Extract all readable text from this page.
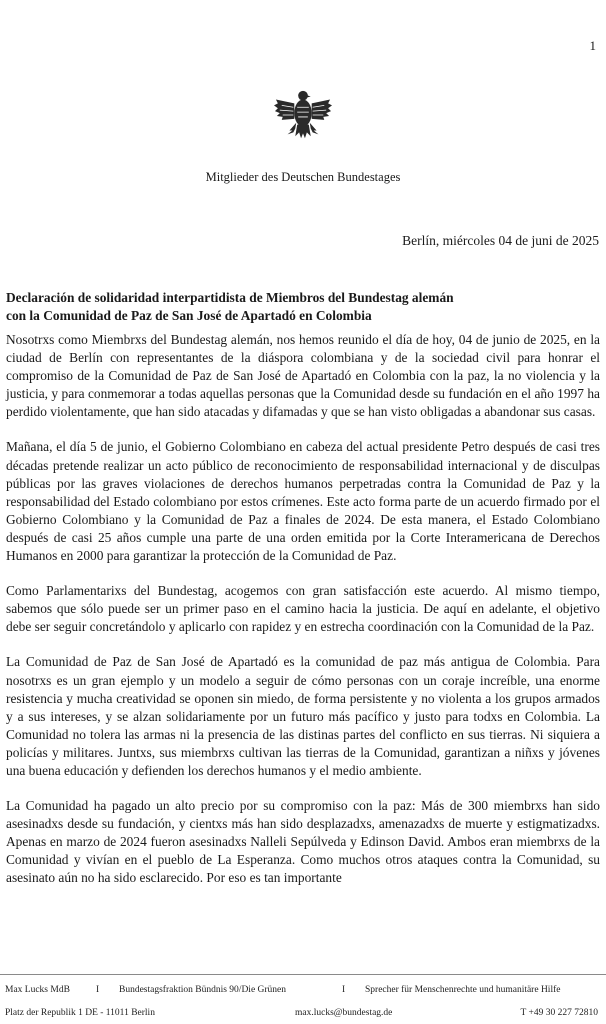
1
Mitglieder des Deutschen Bundestages
Berlín, miércoles 04 de juni de 2025
Declaración de solidaridad interpartidista de Miembros del Bundestag alemán
con la Comunidad de Paz de San José de Apartadó en Colombia

Nosotrxs como Miembrxs del Bundestag alemán, nos hemos reunido el día de hoy, 04 de junio de 2025, en la ciudad de Berlín con representantes de la diáspora colombiana y de la sociedad civil para honrar el compromiso de la Comunidad de Paz de San José de Apartadó en Colombia con la paz, la no violencia y la justicia, y para conmemorar a todas aquellas personas que la Comunidad desde su fundación en el año 1997 ha perdido violentamente, que han sido atacadas y difamadas y que se han visto obligadas a abandonar sus casas.

Mañana, el día 5 de junio, el Gobierno Colombiano en cabeza del actual presidente Petro después de casi tres décadas pretende realizar un acto público de reconocimiento de responsabilidad internacional y de disculpas públicas por las graves violaciones de derechos humanos perpetradas contra la Comunidad de Paz y la responsabilidad del Estado colombiano por estos crímenes. Este acto forma parte de un acuerdo firmado por el Gobierno Colombiano y la Comunidad de Paz a finales de 2024. De esta manera, el Estado Colombiano después de casi 25 años cumple una parte de una orden emitida por la Corte Interamericana de Derechos Humanos en 2000 para garantizar la protección de la Comunidad de Paz.

Como Parlamentarixs del Bundestag, acogemos con gran satisfacción este acuerdo. Al mismo tiempo, sabemos que sólo puede ser un primer paso en el camino hacia la justicia. De aquí en adelante, el objetivo debe ser seguir concretándolo y aplicarlo con rapidez y en estrecha coordinación con la Comunidad de la Paz.

La Comunidad de Paz de San José de Apartadó es la comunidad de paz más antigua de Colombia. Para nosotrxs es un gran ejemplo y un modelo a seguir de cómo personas con un coraje increíble, una enorme resistencia y mucha creatividad se oponen sin miedo, de forma persistente y no violenta a los grupos armados y a sus intereses, y se alzan solidariamente por un futuro más pacífico y justo para todxs en Colombia. La Comunidad no tolera las armas ni la presencia de las distinas partes del conflicto en sus tierras. Ni siquiera a policías y militares. Juntxs, sus miembrxs cultivan las tierras de la Comunidad, garantizan a niñxs y jóvenes una buena educación y defienden los derechos humanos y el medio ambiente.

La Comunidad ha pagado un alto precio por su compromiso con la paz: Más de 300 miembrxs han sido asesinadxs desde su fundación, y cientxs más han sido desplazadxs, amenazadxs de muerte y estigmatizadxs. Apenas en marzo de 2024 fueron asesinadxs Nalleli Sepúlveda y Edinson David. Ambos eran miembrxs de la Comunidad y vivían en el pueblo de La Esperanza. Como muchos otros ataques contra la Comunidad, su asesinato aún no ha sido esclarecido. Por eso es tan importante

Max Lucks MdB	I Bundestagsfraktion Bündnis 90/Die Grünen	I Sprecher für Menschenrechte und humanitäre Hilfe
Platz der Republik 1 DE - 11011 Berlin	max.lucks@bundestag.de	T +49 30 227 72810
